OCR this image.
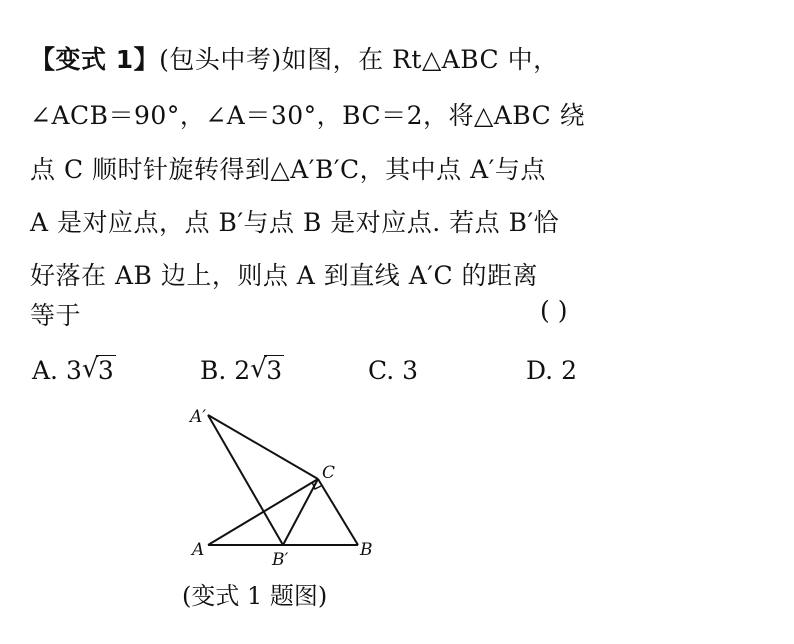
【变式 1】(包头中考)如图，在 Rt△ABC 中，
∠ACB＝90°，∠A＝30°，BC＝2，将△ABC 绕
点 C 顺时针旋转得到△A′B′C，其中点 A′与点
A 是对应点，点 B′与点 B 是对应点. 若点 B′恰
好落在 AB 边上，则点 A 到直线 A′C 的距离
等于	( )
A. 3 √ 3	B. 2 √ 3	C. 3	D. 2
A′
C
A	B′	B
(变式 1 题图)
